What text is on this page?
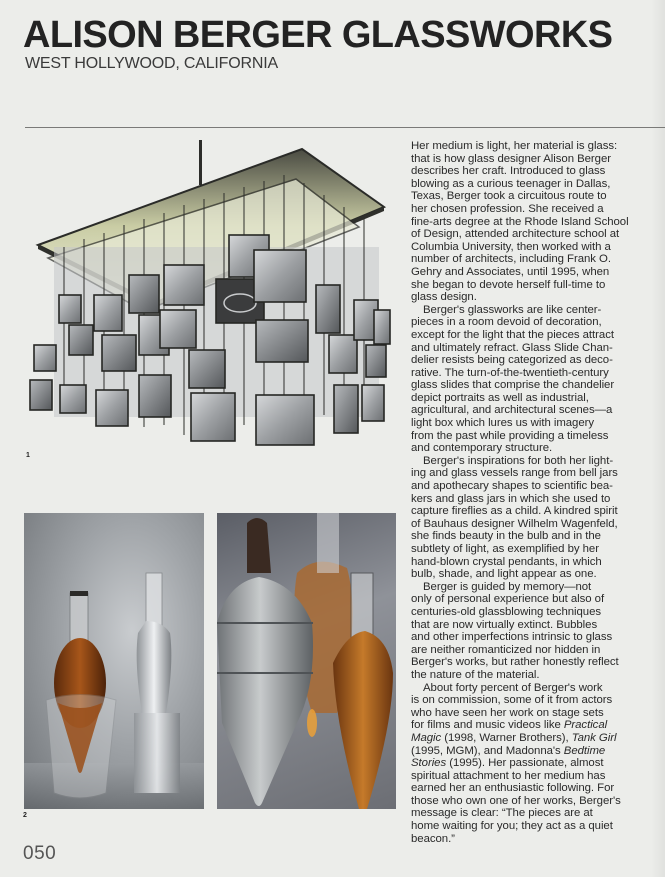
ALISON BERGER GLASSWORKS
WEST HOLLYWOOD, CALIFORNIA
1
2
050

Her medium is light, her material is glass:
that is how glass designer Alison Berger
describes her craft. Introduced to glass
blowing as a curious teenager in Dallas,
Texas, Berger took a circuitous route to
her chosen profession. She received a
fine-arts degree at the Rhode Island School
of Design, attended architecture school at
Columbia University, then worked with a
number of architects, including Frank O.
Gehry and Associates, until 1995, when
she began to devote herself full-time to
glass design.

Berger's glassworks are like center-
pieces in a room devoid of decoration,
except for the light that the pieces attract
and ultimately refract. Glass Slide Chan-
delier resists being categorized as deco-
rative. The turn-of-the-twentieth-century
glass slides that comprise the chandelier
depict portraits as well as industrial,
agricultural, and architectural scenes—a
light box which lures us with imagery
from the past while providing a timeless
and contemporary structure.

Berger's inspirations for both her light-
ing and glass vessels range from bell jars
and apothecary shapes to scientific bea-
kers and glass jars in which she used to
capture fireflies as a child. A kindred spirit
of Bauhaus designer Wilhelm Wagenfeld,
she finds beauty in the bulb and in the
subtlety of light, as exemplified by her
hand-blown crystal pendants, in which
bulb, shade, and light appear as one.

Berger is guided by memory—not
only of personal experience but also of
centuries-old glassblowing techniques
that are now virtually extinct. Bubbles
and other imperfections intrinsic to glass
are neither romanticized nor hidden in
Berger's works, but rather honestly reflect
the nature of the material.

About forty percent of Berger's work
is on commission, some of it from actors
who have seen her work on stage sets
for films and music videos like Practical
Magic (1998, Warner Brothers), Tank Girl
(1995, MGM), and Madonna's Bedtime
Stories (1995). Her passionate, almost
spiritual attachment to her medium has
earned her an enthusiastic following. For
those who own one of her works, Berger's
message is clear: “The pieces are at
home waiting for you; they act as a quiet
beacon.”
